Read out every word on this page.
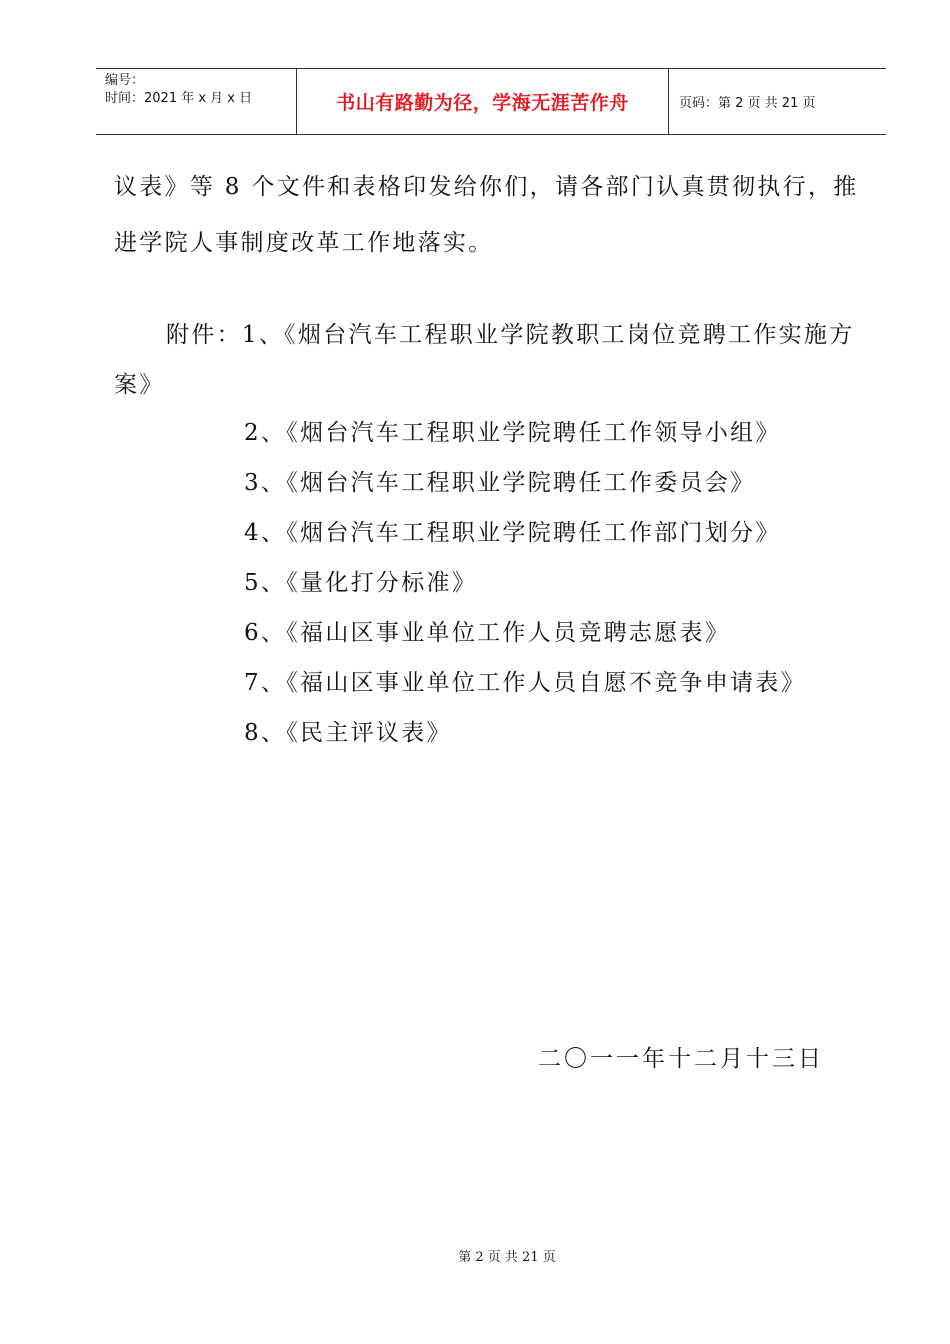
编号：
时间：2021 年 x 月 x 日	书山有路勤为径，学海无涯苦作舟	页码：第 2 页 共 21 页
议表》等 8 个文件和表格印发给你们，请各部门认真贯彻执行，推
进学院人事制度改革工作地落实。
附件：1、《烟台汽车工程职业学院教职工岗位竞聘工作实施方
案》
2、《烟台汽车工程职业学院聘任工作领导小组》
3、《烟台汽车工程职业学院聘任工作委员会》
4、《烟台汽车工程职业学院聘任工作部门划分》
5、《量化打分标准》
6、《福山区事业单位工作人员竞聘志愿表》
7、《福山区事业单位工作人员自愿不竞争申请表》
8、《民主评议表》
二〇一一年十二月十三日
第 2 页 共 21 页
